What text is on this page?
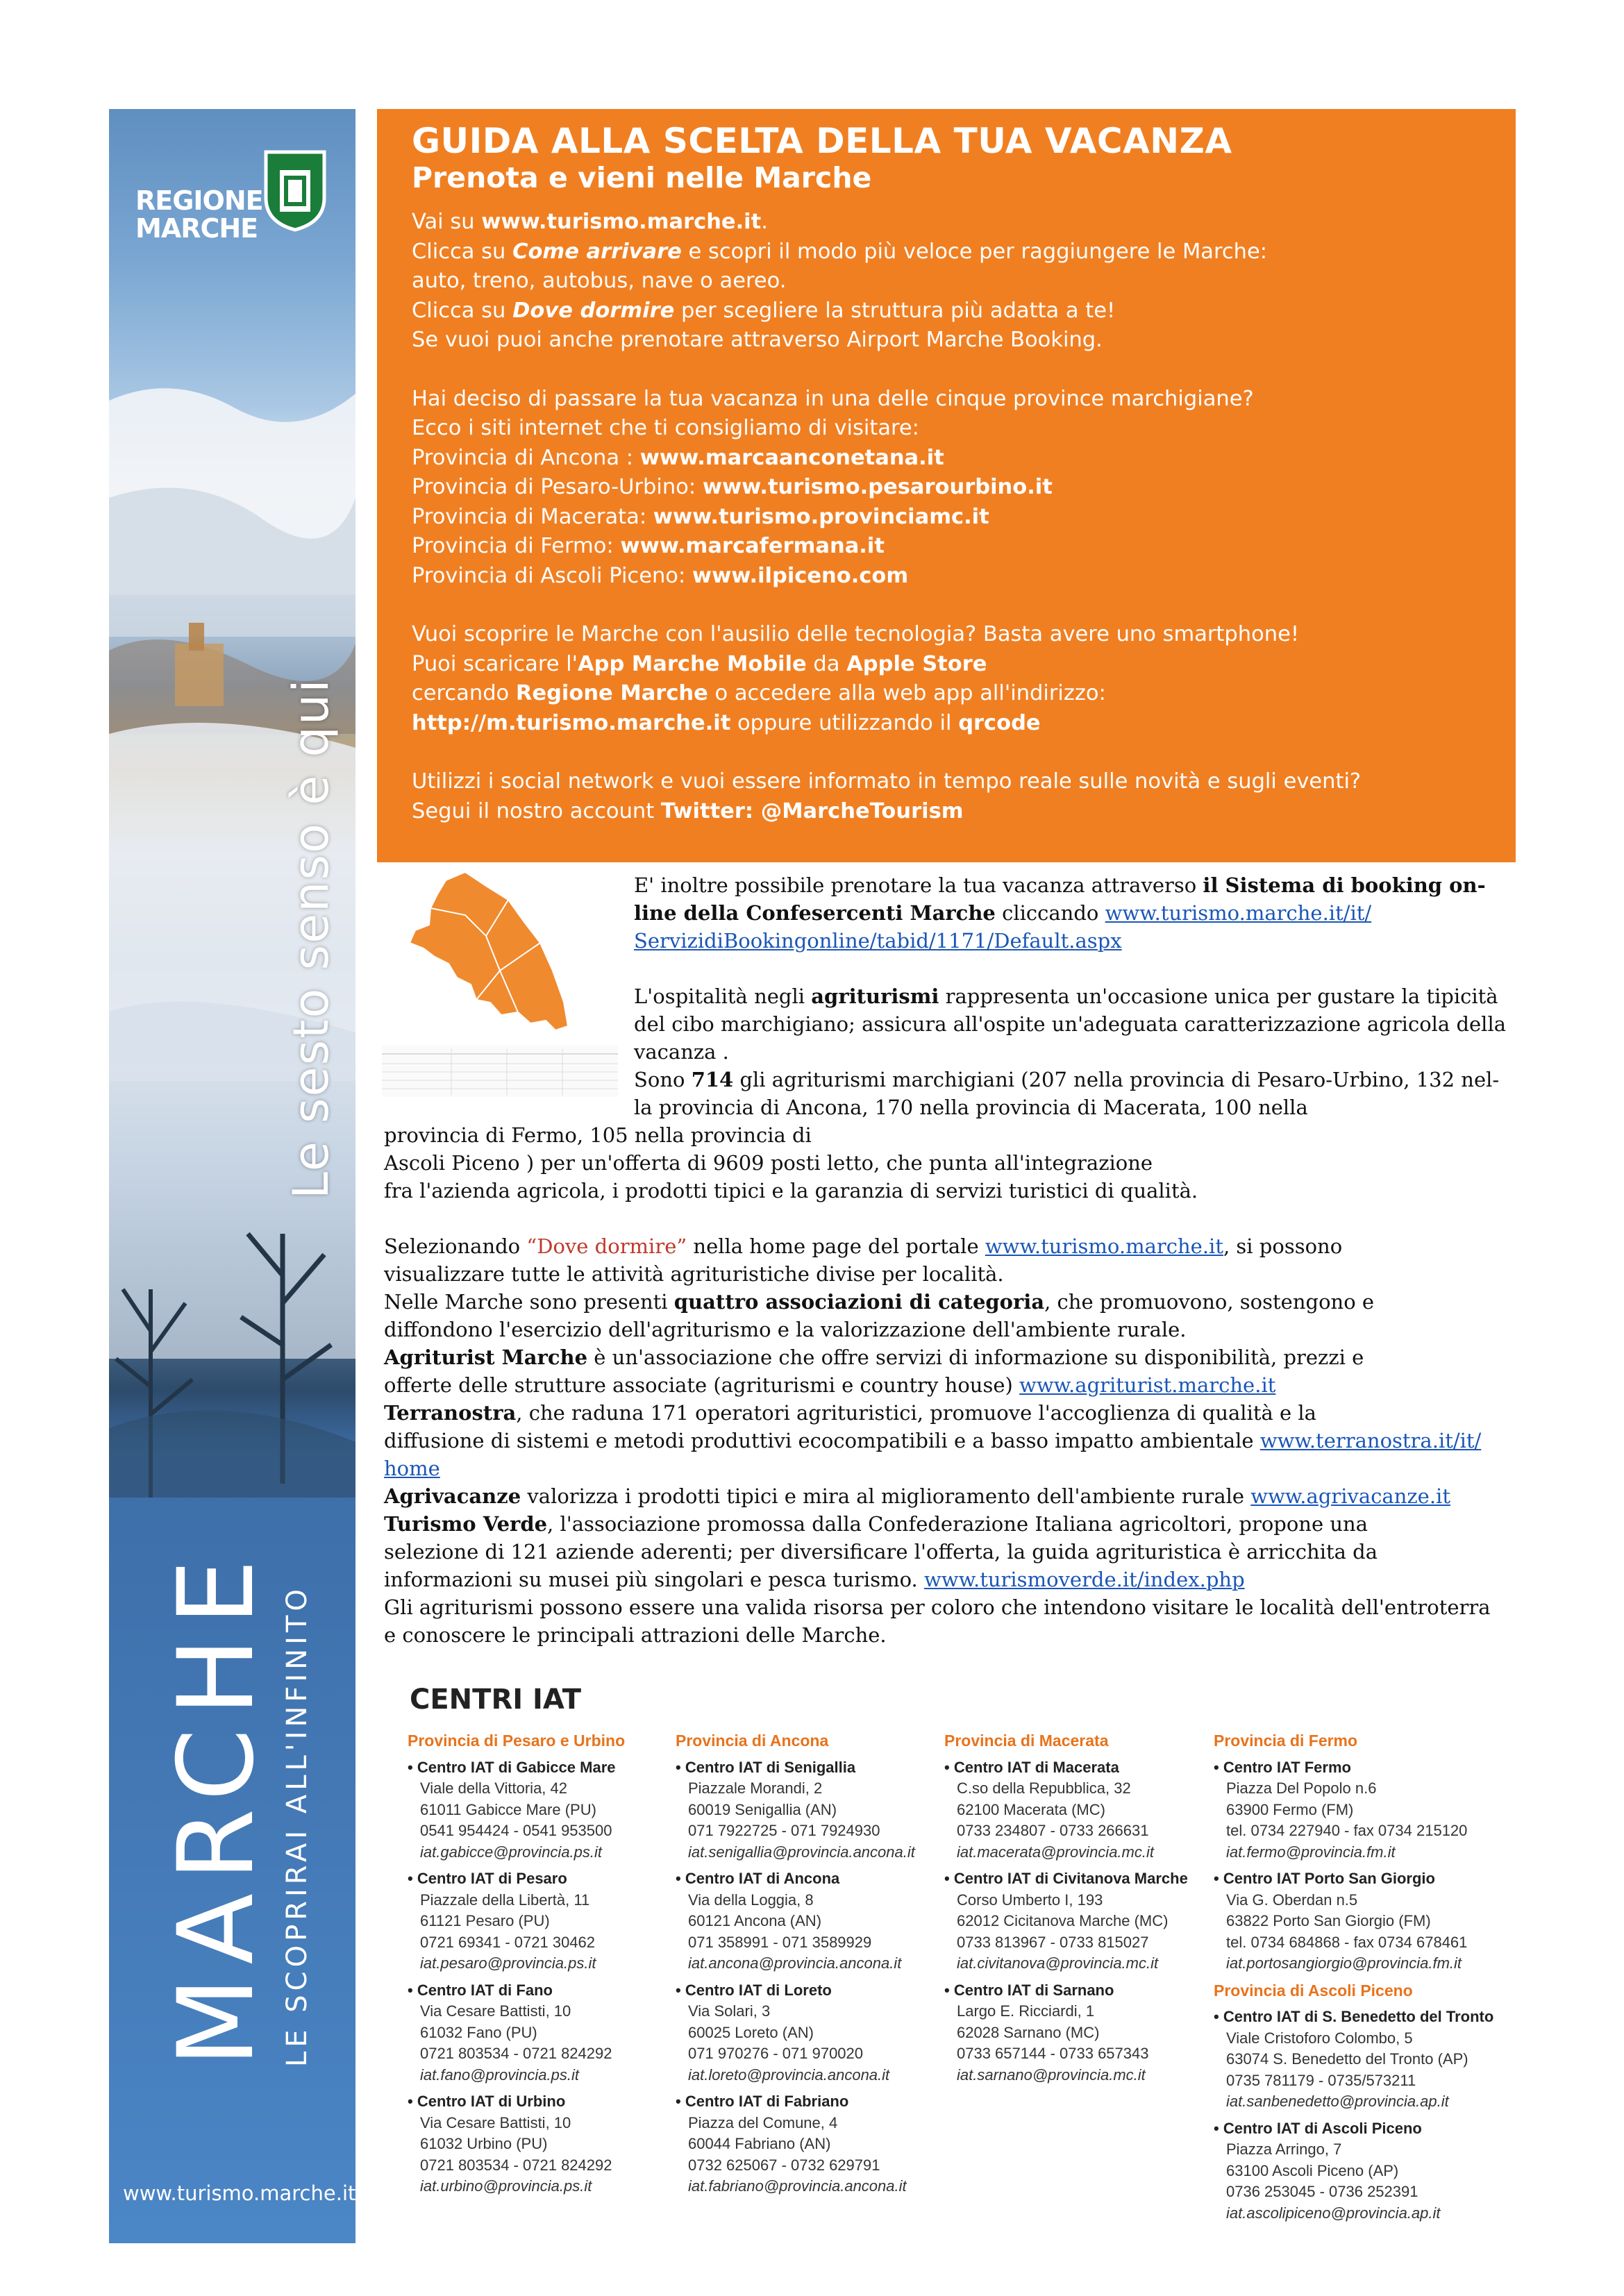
REGIONE
MARCHE
Le sesto senso è qui
MARCHE LE SCOPRIRAI ALL'INFINITO
www.turismo.marche.it
GUIDA ALLA SCELTA DELLA TUA VACANZA
Prenota e vieni nelle Marche
Vai su www.turismo.marche.it.
Clicca su Come arrivare e scopri il modo più veloce per raggiungere le Marche:
auto, treno, autobus, nave o aereo.
Clicca su Dove dormire per scegliere la struttura più adatta a te!
Se vuoi puoi anche prenotare attraverso Airport Marche Booking.
Hai deciso di passare la tua vacanza in una delle cinque province marchigiane?
Ecco i siti internet che ti consigliamo di visitare:
Provincia di Ancona : www.marcaanconetana.it
Provincia di Pesaro-Urbino: www.turismo.pesarourbino.it
Provincia di Macerata: www.turismo.provinciamc.it
Provincia di Fermo: www.marcafermana.it
Provincia di Ascoli Piceno: www.ilpiceno.com
Vuoi scoprire le Marche con l'ausilio delle tecnologia? Basta avere uno smartphone!
Puoi scaricare l'App Marche Mobile da Apple Store
cercando Regione Marche o accedere alla web app all'indirizzo:
http://m.turismo.marche.it oppure utilizzando il qrcode
Utilizzi i social network e vuoi essere informato in tempo reale sulle novità e sugli eventi?
Segui il nostro account Twitter: @MarcheTourism
E' inoltre possibile prenotare la tua vacanza attraverso il Sistema di booking on-
line della Confesercenti Marche cliccando www.turismo.marche.it/it/
ServizidiBookingonline/tabid/1171/Default.aspx
L'ospitalità negli agriturismi rappresenta un'occasione unica per gustare la tipicità
del cibo marchigiano; assicura all'ospite un'adeguata caratterizzazione agricola della
vacanza .
Sono 714 gli agriturismi marchigiani (207 nella provincia di Pesaro-Urbino, 132 nel-
la provincia di Ancona, 170 nella provincia di Macerata, 100 nella
provincia di Fermo, 105 nella provincia di
Ascoli Piceno ) per un'offerta di 9609 posti letto, che punta all'integrazione
fra l'azienda agricola, i prodotti tipici e la garanzia di servizi turistici di qualità.
Selezionando “Dove dormire” nella home page del portale www.turismo.marche.it, si possono
visualizzare tutte le attività agrituristiche divise per località.
Nelle Marche sono presenti quattro associazioni di categoria, che promuovono, sostengono e
diffondono l'esercizio dell'agriturismo e la valorizzazione dell'ambiente rurale.
Agriturist Marche è un'associazione che offre servizi di informazione su disponibilità, prezzi e
offerte delle strutture associate (agriturismi e country house) www.agriturist.marche.it
Terranostra, che raduna 171 operatori agrituristici, promuove l'accoglienza di qualità e la
diffusione di sistemi e metodi produttivi ecocompatibili e a basso impatto ambientale www.terranostra.it/it/
home
Agrivacanze valorizza i prodotti tipici e mira al miglioramento dell'ambiente rurale www.agrivacanze.it
Turismo Verde, l'associazione promossa dalla Confederazione Italiana agricoltori, propone una
selezione di 121 aziende aderenti; per diversificare l'offerta, la guida agrituristica è arricchita da
informazioni su musei più singolari e pesca turismo. www.turismoverde.it/index.php
Gli agriturismi possono essere una valida risorsa per coloro che intendono visitare le località dell'entroterra
e conoscere le principali attrazioni delle Marche.
CENTRI IAT
Provincia di Pesaro e Urbino
• Centro IAT di Gabicce Mare
Viale della Vittoria, 42
61011 Gabicce Mare (PU)
0541 954424 - 0541 953500
iat.gabicce@provincia.ps.it
• Centro IAT di Pesaro
Piazzale della Libertà, 11
61121 Pesaro (PU)
0721 69341 - 0721 30462
iat.pesaro@provincia.ps.it
• Centro IAT di Fano
Via Cesare Battisti, 10
61032 Fano (PU)
0721 803534 - 0721 824292
iat.fano@provincia.ps.it
• Centro IAT di Urbino
Via Cesare Battisti, 10
61032 Urbino (PU)
0721 803534 - 0721 824292
iat.urbino@provincia.ps.it
Provincia di Ancona
• Centro IAT di Senigallia
Piazzale Morandi, 2
60019 Senigallia (AN)
071 7922725 - 071 7924930
iat.senigallia@provincia.ancona.it
• Centro IAT di Ancona
Via della Loggia, 8
60121 Ancona (AN)
071 358991 - 071 3589929
iat.ancona@provincia.ancona.it
• Centro IAT di Loreto
Via Solari, 3
60025 Loreto (AN)
071 970276 - 071 970020
iat.loreto@provincia.ancona.it
• Centro IAT di Fabriano
Piazza del Comune, 4
60044 Fabriano (AN)
0732 625067 - 0732 629791
iat.fabriano@provincia.ancona.it
Provincia di Macerata
• Centro IAT di Macerata
C.so della Repubblica, 32
62100 Macerata (MC)
0733 234807 - 0733 266631
iat.macerata@provincia.mc.it
• Centro IAT di Civitanova Marche
Corso Umberto I, 193
62012 Cicitanova Marche (MC)
0733 813967 - 0733 815027
iat.civitanova@provincia.mc.it
• Centro IAT di Sarnano
Largo E. Ricciardi, 1
62028 Sarnano (MC)
0733 657144 - 0733 657343
iat.sarnano@provincia.mc.it
Provincia di Fermo
• Centro IAT Fermo
Piazza Del Popolo n.6
63900 Fermo (FM)
tel. 0734 227940 - fax 0734 215120
iat.fermo@provincia.fm.it
• Centro IAT Porto San Giorgio
Via G. Oberdan n.5
63822 Porto San Giorgio (FM)
tel. 0734 684868 - fax 0734 678461
iat.portosangiorgio@provincia.fm.it
Provincia di Ascoli Piceno
• Centro IAT di S. Benedetto del Tronto
Viale Cristoforo Colombo, 5
63074 S. Benedetto del Tronto (AP)
0735 781179 - 0735/573211
iat.sanbenedetto@provincia.ap.it
• Centro IAT di Ascoli Piceno
Piazza Arringo, 7
63100 Ascoli Piceno (AP)
0736 253045 - 0736 252391
iat.ascolipiceno@provincia.ap.it
